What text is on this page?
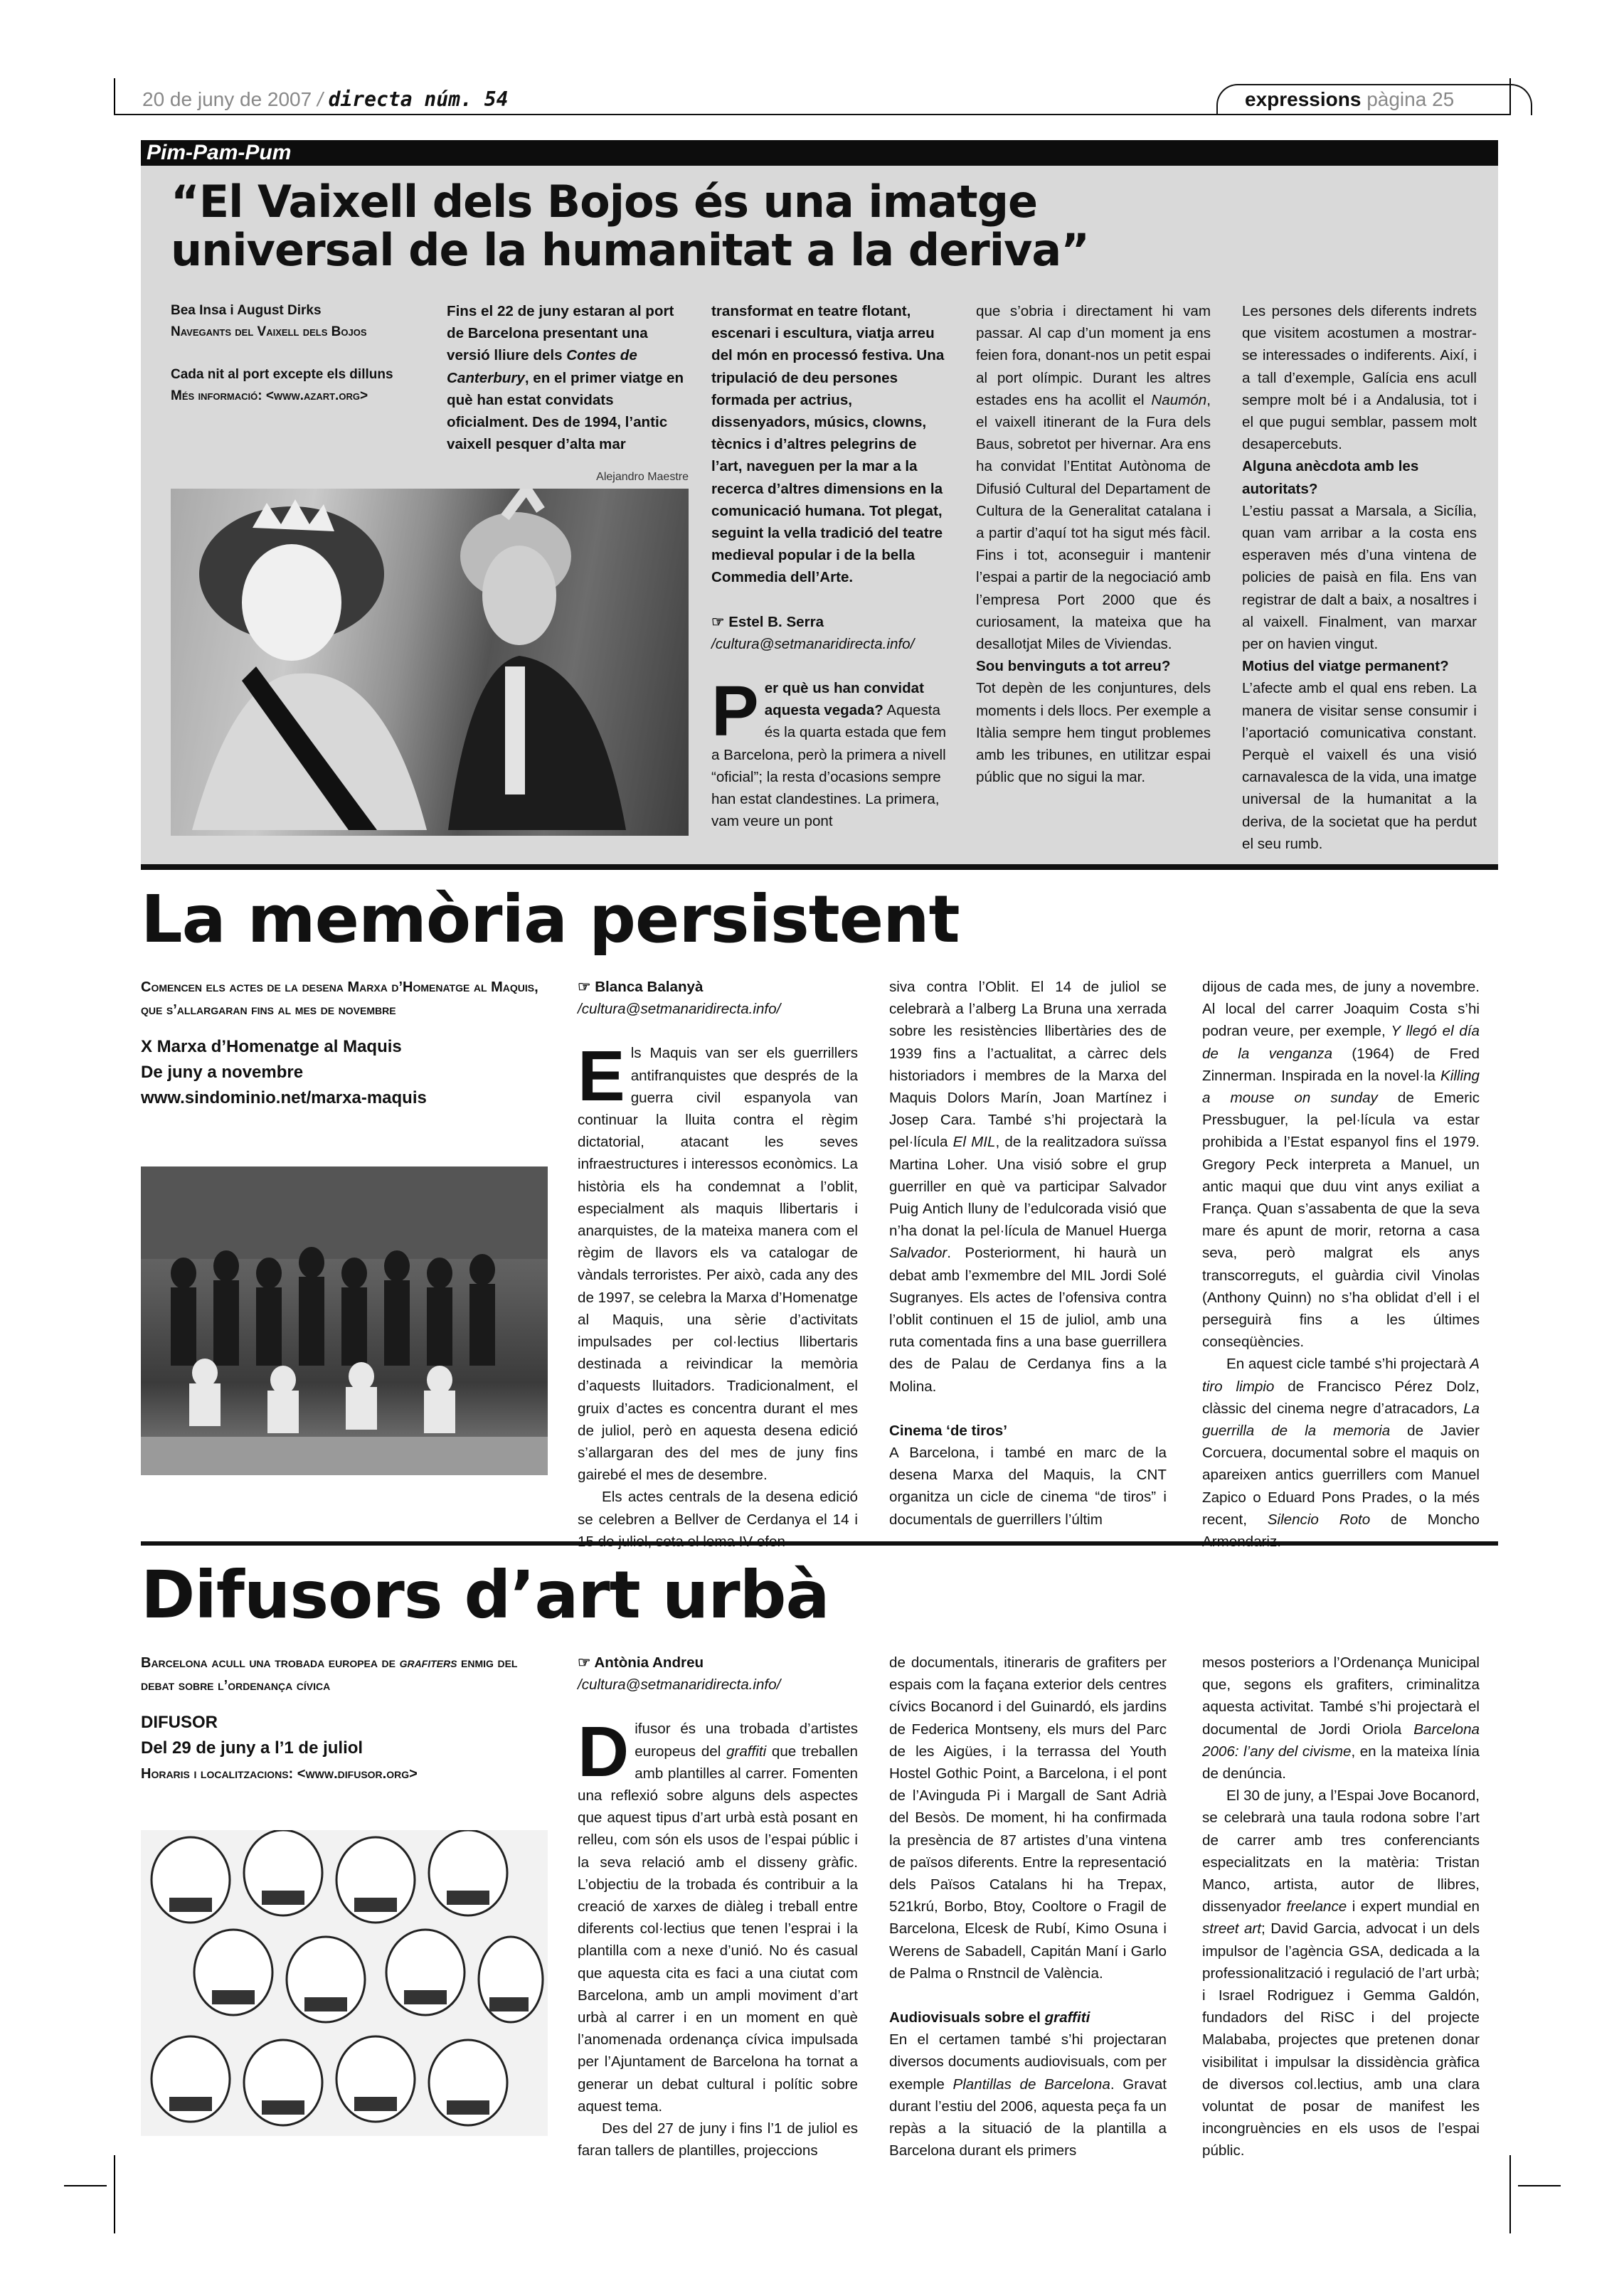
20 de juny de 2007 / directa núm. 54	expressions pàgina 25
Pim-Pam-Pum
“El Vaixell dels Bojos és una imatge
universal de la humanitat a la deriva”
Bea Insa i August Dirks
Navegants del Vaixell dels Bojos
Cada nit al port excepte els dilluns
Més informació: <www.azart.org>

Fins el 22 de juny estaran al port de Barcelona presentant una versió lliure dels Contes de Canterbury, en el primer viatge en què han estat convidats oficialment. Des de 1994, l’antic vaixell pesquer d’alta mar

Alejandro Maestre

transformat en teatre flotant, escenari i escultura, viatja arreu del món en processó festiva. Una tripulació de deu persones formada per actrius, dissenyadors, músics, clowns, tècnics i d’altres pelegrins de l’art, naveguen per la mar a la recerca d’altres dimensions en la comunicació humana. Tot plegat, seguint la vella tradició del teatre medieval popular i de la bella Commedia dell’Arte.

☞ Estel B. Serra
/cultura@setmanaridirecta.info/
P er què us han convidat aquesta vegada? Aquesta és la quarta estada que fem a Barcelona, però la primera a nivell “oficial”; la resta d’ocasions sempre han estat clandestines. La primera, vam veure un pont

que s’obria i directament hi vam passar. Al cap d’un moment ja ens feien fora, donant-nos un petit espai al port olímpic. Durant les altres estades ens ha acollit el Naumón, el vaixell itinerant de la Fura dels Baus, sobretot per hivernar. Ara ens ha convidat l’Entitat Autònoma de Difusió Cultural del Departament de Cultura de la Generalitat catalana i a partir d’aquí tot ha sigut més fàcil. Fins i tot, aconseguir i mantenir l’espai a partir de la negociació amb l’empresa Port 2000 que és curiosament, la mateixa que ha desallotjat Miles de Viviendas.

Sou benvinguts a tot arreu?

Tot depèn de les conjuntures, dels moments i dels llocs. Per exemple a Itàlia sempre hem tingut problemes amb les tribunes, en utilitzar espai públic que no sigui la mar.

Les persones dels diferents indrets que visitem acostumen a mostrar-se interessades o indiferents. Així, i a tall d’exemple, Galícia ens acull sempre molt bé i a Andalusia, tot i el que pugui semblar, passem molt desapercebuts.

Alguna anècdota amb les autoritats?

L’estiu passat a Marsala, a Sicília, quan vam arribar a la costa ens esperaven més d’una vintena de policies de paisà en fila. Ens van registrar de dalt a baix, a nosaltres i al vaixell. Finalment, van marxar per on havien vingut.

Motius del viatge permanent?

L’afecte amb el qual ens reben. La manera de visitar sense consumir i l’aportació comunicativa constant. Perquè el vaixell és una visió carnavalesca de la vida, una imatge universal de la humanitat a la deriva, de la societat que ha perdut el seu rumb.

La memòria persistent
Comencen els actes de la desena Marxa d’Homenatge al Maquis, que s’allargaran fins al mes de novembre
X Marxa d’Homenatge al Maquis
De juny a novembre
www.sindominio.net/marxa-maquis
☞ Blanca Balanyà
/cultura@setmanaridirecta.info/

Els Maquis van ser els guerrillers antifranquistes que després de la guerra civil espanyola van continuar la lluita contra el règim dictatorial, atacant les seves infraestructures i interessos econòmics. La història els ha condemnat a l’oblit, especialment als maquis llibertaris i anarquistes, de la mateixa manera com el règim de llavors els va catalogar de vàndals terroristes. Per això, cada any des de 1997, se celebra la Marxa d’Homenatge al Maquis, una sèrie d’activitats impulsades per col·lectius llibertaris destinada a reivindicar la memòria d’aquests lluitadors. Tradicionalment, el gruix d’actes es concentra durant el mes de juliol, però en aquesta desena edició s’allargaran des del mes de juny fins gairebé el mes de desembre.

Els actes centrals de la desena edició se celebren a Bellver de Cerdanya el 14 i

siva contra l’Oblit. El 14 de juliol se celebrarà a l’alberg La Bruna una xerrada sobre les resistències llibertàries des de 1939 fins a l’actualitat, a càrrec dels historiadors i membres de la Marxa del Maquis Dolors Marín, Joan Martínez i Josep Cara. També s’hi projectarà la pel·lícula El MIL, de la realitzadora suïssa Martina Loher. Una visió sobre el grup guerriller en què va participar Salvador Puig Antich lluny de l’edulcorada visió que n’ha donat la pel·lícula de Manuel Huerga Salvador. Posteriorment, hi haurà un debat amb l’exmembre del MIL Jordi Solé Sugranyes. Els actes de l’ofensiva contra l’oblit continuen el 15 de juliol, amb una ruta comentada fins a una base guerrillera des de Palau de Cerdanya fins a la Molina.

Cinema ‘de tiros’

A Barcelona, i també en marc de la desena Marxa del Maquis, la CNT organitza un cicle de cinema “de tiros” i documentals de guerrillers l’últim

dijous de cada mes, de juny a novembre. Al local del carrer Joaquim Costa s’hi podran veure, per exemple, Y llegó el día de la venganza (1964) de Fred Zinnerman. Inspirada en la novel·la Killing a mouse on sunday de Emeric Pressbuguer, la pel·lícula va estar prohibida a l’Estat espanyol fins el 1979. Gregory Peck interpreta a Manuel, un antic maqui que duu vint anys exiliat a França. Quan s’assabenta de que la seva mare és apunt de morir, retorna a casa seva, però malgrat els anys transcorreguts, el guàrdia civil Vinolas (Anthony Quinn) no s’ha oblidat d’ell i el perseguirà fins a les últimes conseqüències.

En aquest cicle també s’hi projectarà A tiro limpio de Francisco Pérez Dolz, clàssic del cinema negre d’atracadors, La guerrilla de la memoria de Javier Corcuera, documental sobre el maquis on apareixen antics guerrillers com Manuel Zapico o Eduard Pons Prades, o la més recent, Silencio Roto de Moncho

Difusors d’art urbà
Barcelona acull una trobada europea de grafiters enmig del debat sobre l’ordenança cívica
DIFUSOR
Del 29 de juny a l’1 de juliol
Horaris i localitzacions: <www.difusor.org>
☞ Antònia Andreu
/cultura@setmanaridirecta.info/

Difusor és una trobada d’artistes europeus del graffiti que treballen amb plantilles al carrer. Fomenten una reflexió sobre alguns dels aspectes que aquest tipus d’art urbà està posant en relleu, com són els usos de l’espai públic i la seva relació amb el disseny gràfic. L’objectiu de la trobada és contribuir a la creació de xarxes de diàleg i treball entre diferents col·lectius que tenen l’esprai i la plantilla com a nexe d’unió. No és casual que aquesta cita es faci a una ciutat com Barcelona, amb un ampli moviment d’art urbà al carrer i en un moment en què l’anomenada ordenança cívica impulsada per l’Ajuntament de Barcelona ha tornat a generar un debat cultural i polític sobre aquest tema.

Des del 27 de juny i fins l’1 de juliol es faran tallers de plantilles, projeccions

de documentals, itineraris de grafiters per espais com la façana exterior dels centres cívics Bocanord i del Guinardó, els jardins de Federica Montseny, els murs del Parc de les Aigües, i la terrassa del Youth Hostel Gothic Point, a Barcelona, i el pont de l’Avinguda Pi i Margall de Sant Adrià del Besòs. De moment, hi ha confirmada la presència de 87 artistes d’una vintena de països diferents. Entre la representació dels Països Catalans hi ha Trepax, 521krú, Borbo, Btoy, Cooltore o Fragil de Barcelona, Elcesk de Rubí, Kimo Osuna i Werens de Sabadell, Capitán Maní i Garlo de Palma o Rnstncil de València.

Audiovisuals sobre el graffiti

En el certamen també s’hi projectaran diversos documents audiovisuals, com per exemple Plantillas de Barcelona. Gravat durant l’estiu del 2006, aquesta peça fa un repàs a la situació de la plantilla a Barcelona durant els primers

mesos posteriors a l’Ordenança Municipal que, segons els grafiters, criminalitza aquesta activitat. També s’hi projectarà el documental de Jordi Oriola Barcelona 2006: l’any del civisme, en la mateixa línia de denúncia.

El 30 de juny, a l’Espai Jove Bocanord, se celebrarà una taula rodona sobre l’art de carrer amb tres conferenciants especialitzats en la matèria: Tristan Manco, artista, autor de llibres, dissenyador freelance i expert mundial en street art; David Garcia, advocat i un dels impulsor de l’agència GSA, dedicada a la professionalització i regulació de l’art urbà; i Israel Rodriguez i Gemma Galdón, fundadors del RiSC i del projecte Malababa, projectes que pretenen donar visibilitat i impulsar la dissidència gràfica de diversos col.lectius, amb una clara voluntat de posar de manifest les incongruències en els usos de l’espai públic.
